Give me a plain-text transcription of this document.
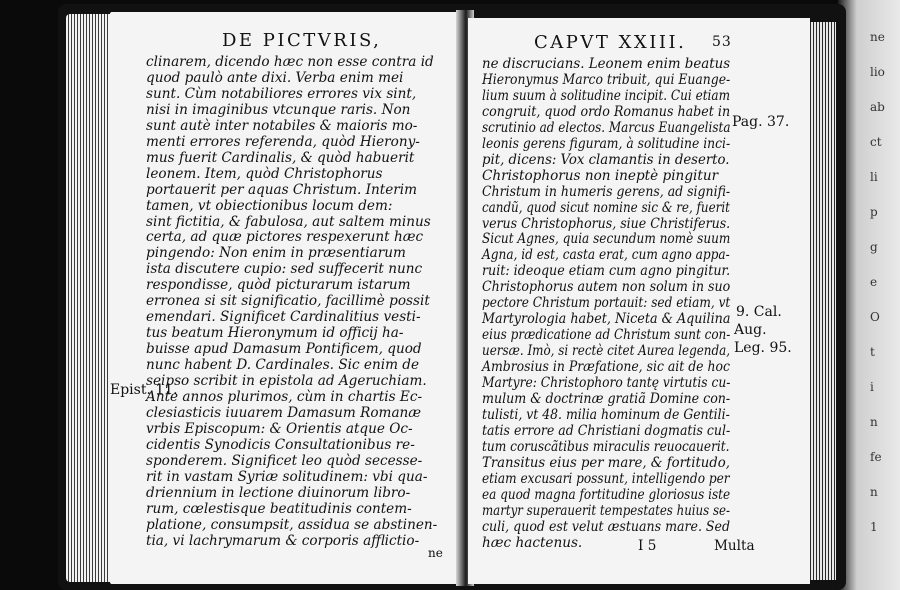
DE PICTVRIS,
clinarem, dicendo hæc non esse contra id
quod paulò ante dixi. Verba enim mei
sunt. Cùm notabiliores errores vix sint,
nisi in imaginibus vtcunque raris. Non
sunt autè inter notabiles & maioris mo-
menti errores referenda, quòd Hierony-
mus fuerit Cardinalis, & quòd habuerit
leonem. Item, quòd Christophorus
portauerit per aquas Christum. Interim
tamen, vt obiectionibus locum dem:
sint fictitia, & fabulosa, aut saltem minus
certa, ad quæ pictores respexerunt hæc
pingendo: Non enim in præsentiarum
ista discutere cupio: sed suffecerit nunc
respondisse, quòd picturarum istarum
erronea si sit significatio, facillimè possit
emendari. Significet Cardinalitius vesti-
tus beatum Hieronymum id officij ha-
buisse apud Damasum Pontificem, quod
nunc habent D. Cardinales. Sic enim de
seipso scribit in epistola ad Ageruchiam.
Ante annos plurimos, cùm in chartis Ec-
clesiasticis iuuarem Damasum Romanæ
vrbis Episcopum: & Orientis atque Oc-
cidentis Synodicis Consultationibus re-
sponderem. Significet leo quòd secesse-
rit in vastam Syriæ solitudinem: vbi qua-
driennium in lectione diuinorum libro-
rum, cœlestisque beatitudinis contem-
platione, consumpsit, assidua se abstinen-
tia, vi lachrymarum & corporis afflictio-
ne
Epist. 11.
CAPVT XXIII. 53
ne discrucians. Leonem enim beatus
Hieronymus Marco tribuit, qui Euange-
lium suum à solitudine incipit. Cui etiam
congruit, quod ordo Romanus habet in
scrutinio ad electos. Marcus Euangelista
leonis gerens figuram, à solitudine inci-
pit, dicens: Vox clamantis in deserto.
Christophorus non ineptè pingitur
Christum in humeris gerens, ad signifi-
candũ, quod sicut nomine sic & re, fuerit
verus Christophorus, siue Christiferus.
Sicut Agnes, quia secundum nomè suum
Agna, id est, casta erat, cum agno appa-
ruit: ideoque etiam cum agno pingitur.
Christophorus autem non solum in suo
pectore Christum portauit: sed etiam, vt
Martyrologia habet, Niceta & Aquilina
eius prædicatione ad Christum sunt con-
uersæ. Imò, si rectè citet Aurea legenda,
Ambrosius in Præfatione, sic ait de hoc
Martyre: Christophoro tantę virtutis cu-
mulum & doctrinæ gratiã Domine con-
tulisti, vt 48. milia hominum de Gentili-
tatis errore ad Christiani dogmatis cul-
tum coruscãtibus miraculis reuocauerit.
Transitus eius per mare, & fortitudo,
etiam excusari possunt, intelligendo per
ea quod magna fortitudine gloriosus iste
martyr superauerit tempestates huius se-
culi, quod est velut æstuans mare. Sed
hæc hactenus.	I 5	Multa
Pag. 37.
9. Cal.
Aug.
Leg. 95.
ne
lio
ab
ct
li
p
g
e
O
t
i
n
fe
n
1
